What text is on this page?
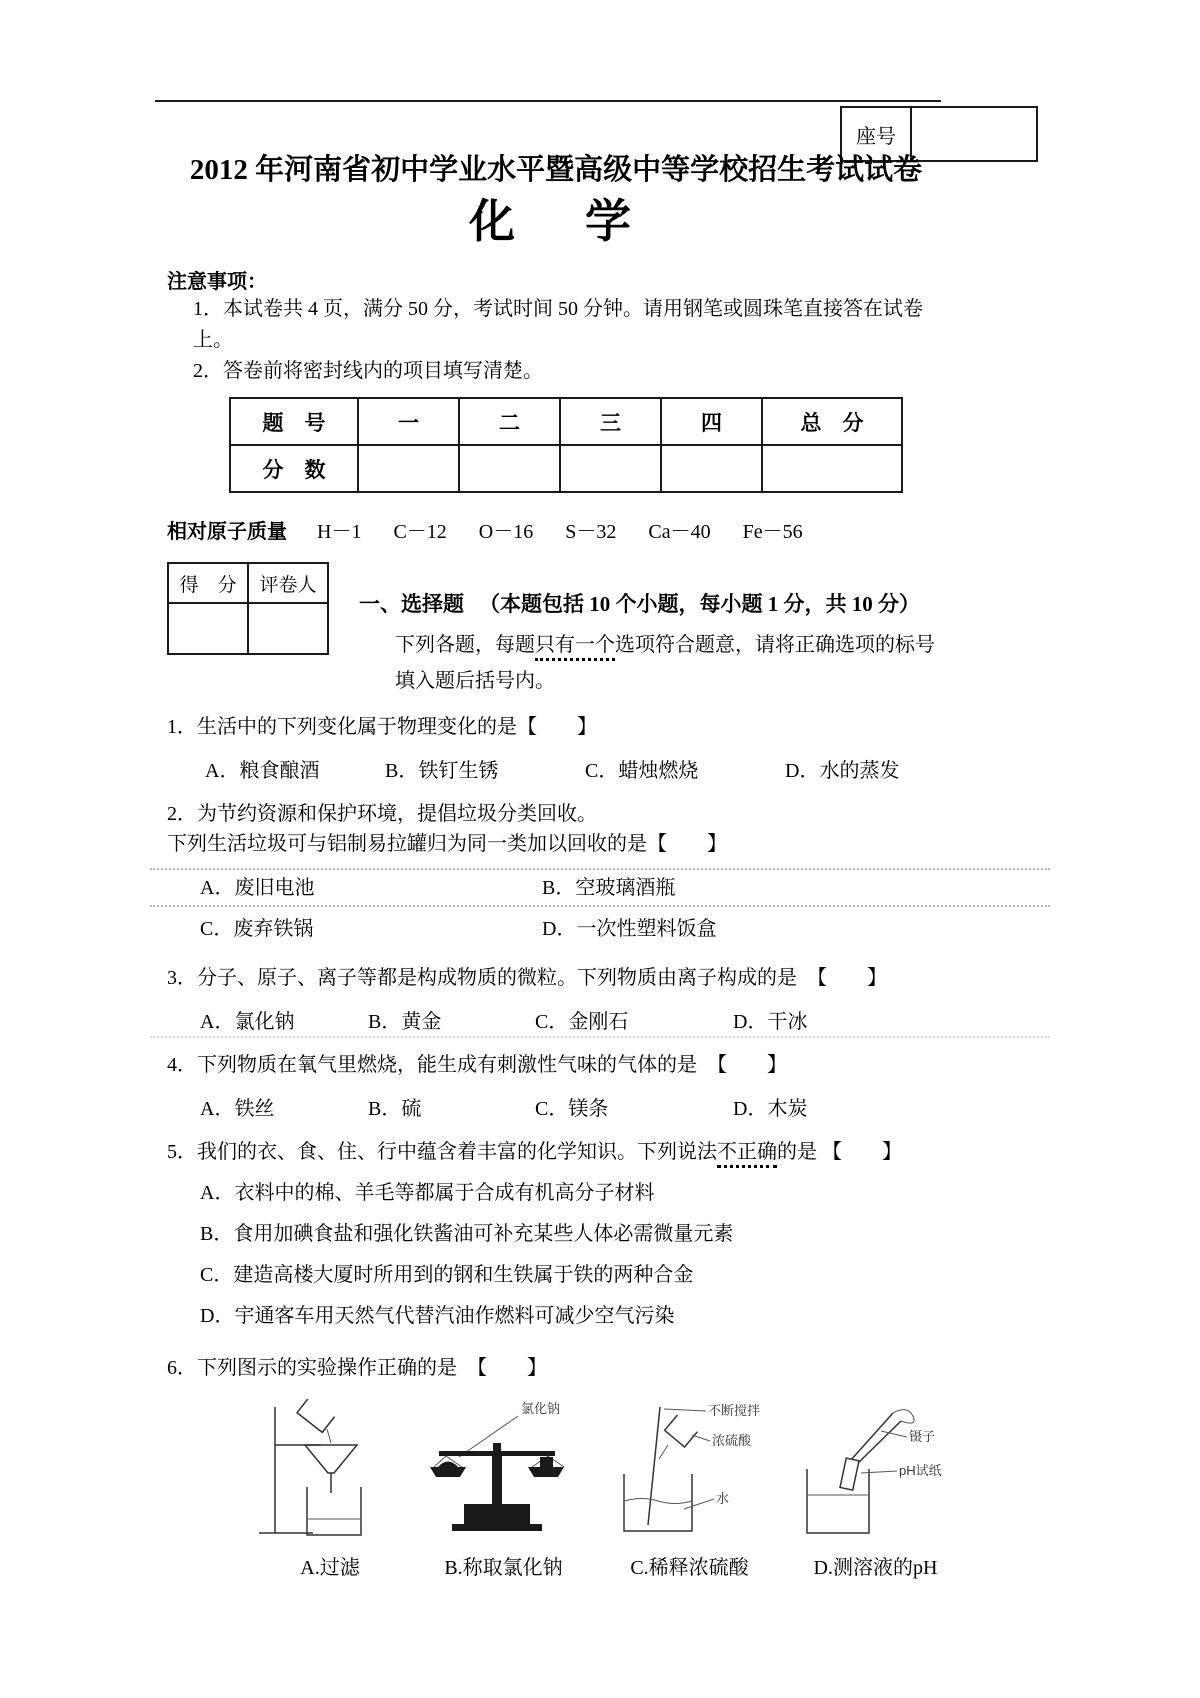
座号	
2012 年河南省初中学业水平暨高级中等学校招生考试试卷
化　学
注意事项：
1．本试卷共 4 页，满分 50 分，考试时间 50 分钟。请用钢笔或圆珠笔直接答在试卷上。
2．答卷前将密封线内的项目填写清楚。
题　号	一	二	三	四	总　分
分　数					
相对原子质量 H－1 C－12 O－16 S－32 Ca－40 Fe－56
得　分	评卷人

一、选择题 （本题包括 10 个小题，每小题 1 分，共 10 分）
下列各题，每题只有一个选项符合题意，请将正确选项的标号
填入题后括号内。
1．生活中的下列变化属于物理变化的是【　　】
A．粮食酿酒	B．铁钉生锈	C．蜡烛燃烧	D．水的蒸发
2．为节约资源和保护环境，提倡垃圾分类回收。
下列生活垃圾可与铝制易拉罐归为同一类加以回收的是【　　】
A．废旧电池	B．空玻璃酒瓶
C．废弃铁锅	D．一次性塑料饭盒
3．分子、原子、离子等都是构成物质的微粒。下列物质由离子构成的是　【　　】
A．氯化钠	B．黄金	C．金刚石	D．干冰
4．下列物质在氧气里燃烧，能生成有刺激性气味的气体的是　【　　】
A．铁丝	B．硫	C．镁条	D．木炭
5．我们的衣、食、住、行中蕴含着丰富的化学知识。下列说法不正确的是 【　　】
A．衣料中的棉、羊毛等都属于合成有机高分子材料
B．食用加碘食盐和强化铁酱油可补充某些人体必需微量元素
C．建造高楼大厦时所用到的钢和生铁属于铁的两种合金
D．宇通客车用天然气代替汽油作燃料可减少空气污染
6．下列图示的实验操作正确的是　【　　】
A.过滤
氯化钠
B.称取氯化钠
不断搅拌
浓硫酸
水
C.稀释浓硫酸
镊子
pH试纸
D.测溶液的pH
